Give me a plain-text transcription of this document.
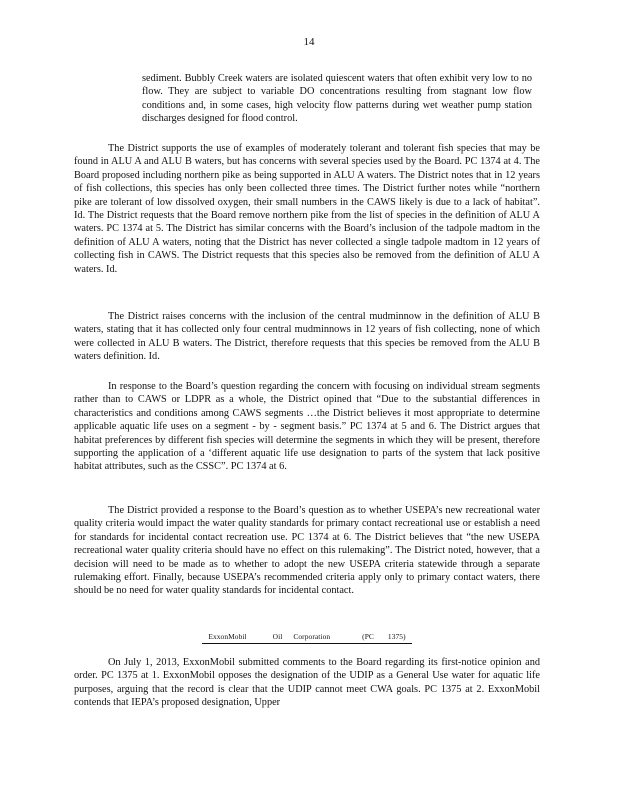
14

sediment. Bubbly Creek waters are isolated quiescent waters that often exhibit very low to no flow. They are subject to variable DO concentrations resulting from stagnant low flow conditions and, in some cases, high velocity flow patterns during wet weather pump station discharges designed for flood control.

The District supports the use of examples of moderately tolerant and tolerant fish species that may be found in ALU A and ALU B waters, but has concerns with several species used by the Board. PC 1374 at 4. The Board proposed including northern pike as being supported in ALU A waters. The District notes that in 12 years of fish collections, this species has only been collected three times. The District further notes while “northern pike are tolerant of low dissolved oxygen, their small numbers in the CAWS likely is due to a lack of habitat”. Id. The District requests that the Board remove northern pike from the list of species in the definition of ALU A waters. PC 1374 at 5. The District has similar concerns with the Board’s inclusion of the tadpole madtom in the definition of ALU A waters, noting that the District has never collected a single tadpole madtom in 12 years of collecting fish in CAWS. The District requests that this species also be removed from the definition of ALU A waters. Id.

The District raises concerns with the inclusion of the central mudminnow in the definition of ALU B waters, stating that it has collected only four central mudminnows in 12 years of fish collecting, none of which were collected in ALU B waters. The District, therefore requests that this species be removed from the ALU B waters definition. Id.

In response to the Board’s question regarding the concern with focusing on individual stream segments rather than to CAWS or LDPR as a whole, the District opined that “Due to the substantial differences in characteristics and conditions among CAWS segments …the District believes it most appropriate to determine applicable aquatic life uses on a segment - by - segment basis.” PC 1374 at 5 and 6. The District argues that habitat preferences by different fish species will determine the segments in which they will be present, therefore supporting the application of a ‘different aquatic life use designation to parts of the system that lack positive habitat attributes, such as the CSSC”. PC 1374 at 6.

The District provided a response to the Board’s question as to whether USEPA’s new recreational water quality criteria would impact the water quality standards for primary contact recreational use or establish a need for standards for incidental contact recreation use. PC 1374 at 6. The District believes that “the new USEPA recreational water quality criteria should have no effect on this rulemaking”. The District noted, however, that a decision will need to be made as to whether to adopt the new USEPA criteria statewide through a separate rulemaking effort. Finally, because USEPA’s recommended criteria apply only to primary contact waters, there should be no need for water quality standards for incidental contact.

ExxonMobil	Oil Corporation	(PC 1375)

On July 1, 2013, ExxonMobil submitted comments to the Board regarding its first-notice opinion and order. PC 1375 at 1. ExxonMobil opposes the designation of the UDIP as a General Use water for aquatic life purposes, arguing that the record is clear that the UDIP cannot meet CWA goals. PC 1375 at 2. ExxonMobil contends that IEPA’s proposed designation, Upper
